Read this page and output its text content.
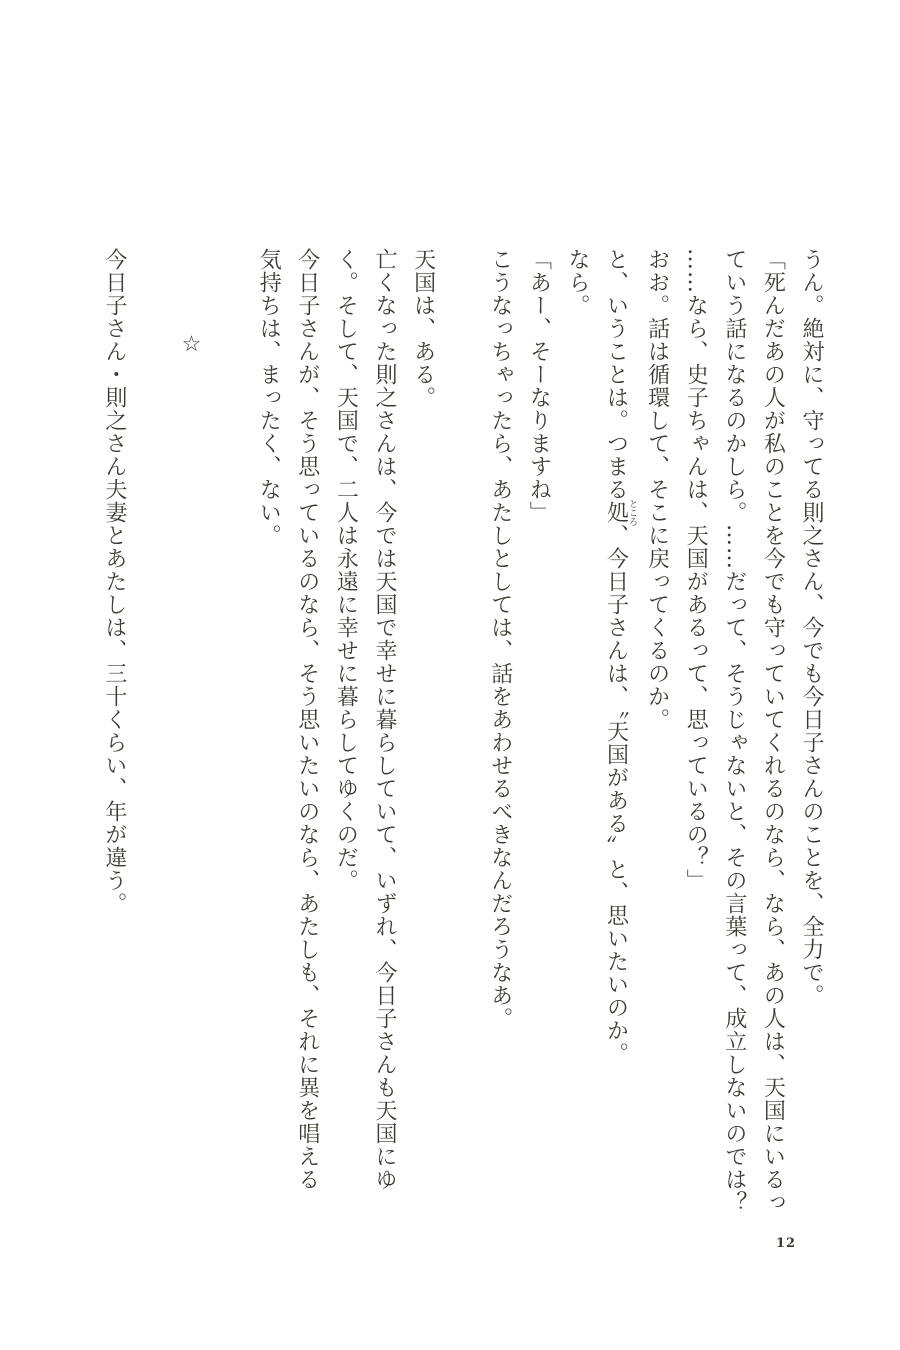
うん。絶対に、守ってる則之さん、今でも今日子さんのことを、全力で。

「死んだあの人が私のことを今でも守っていてくれるのなら、なら、あの人は、天国にいるっ

ていう話になるのかしら。……だって、そうじゃないと、その言葉って、成立しないのでは？

……なら、史子ちゃんは、天国があるって、思っているの？」

おお。話は循環して、そこに戻ってくるのか。

と、いうことは。つまる処ところ、今日子さんは、〝天国がある〟と、思いたいのか。

なら。

「あー、そーなりますね」

こうなっちゃったら、あたしとしては、話をあわせるべきなんだろうなあ。

天国は、ある。

亡くなった則之さんは、今では天国で幸せに暮らしていて、いずれ、今日子さんも天国にゆ

く。そして、天国で、二人は永遠に幸せに暮らしてゆくのだ。

今日子さんが、そう思っているのなら、そう思いたいのなら、あたしも、それに異を唱える

気持ちは、まったく、ない。

☆

今日子さん・則之さん夫妻とあたしは、三十くらい、年が違う。

12
